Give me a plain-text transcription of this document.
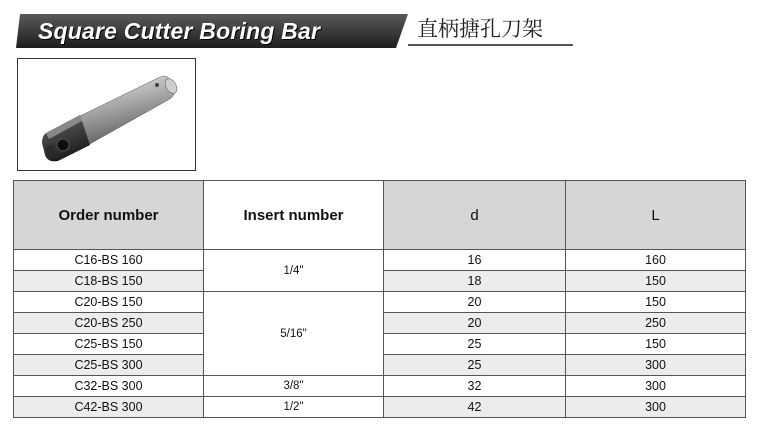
Square Cutter Boring Bar	直柄搪孔刀架
Order number	Insert number	d	L
C16-BS 160	1/4"	16	160
C18-BS 150		18	150
C20-BS 150	5/16"	20	150
C20-BS 250		20	250
C25-BS 150		25	150
C25-BS 300		25	300
C32-BS 300	3/8"	32	300
C42-BS 300	1/2"	42	300
